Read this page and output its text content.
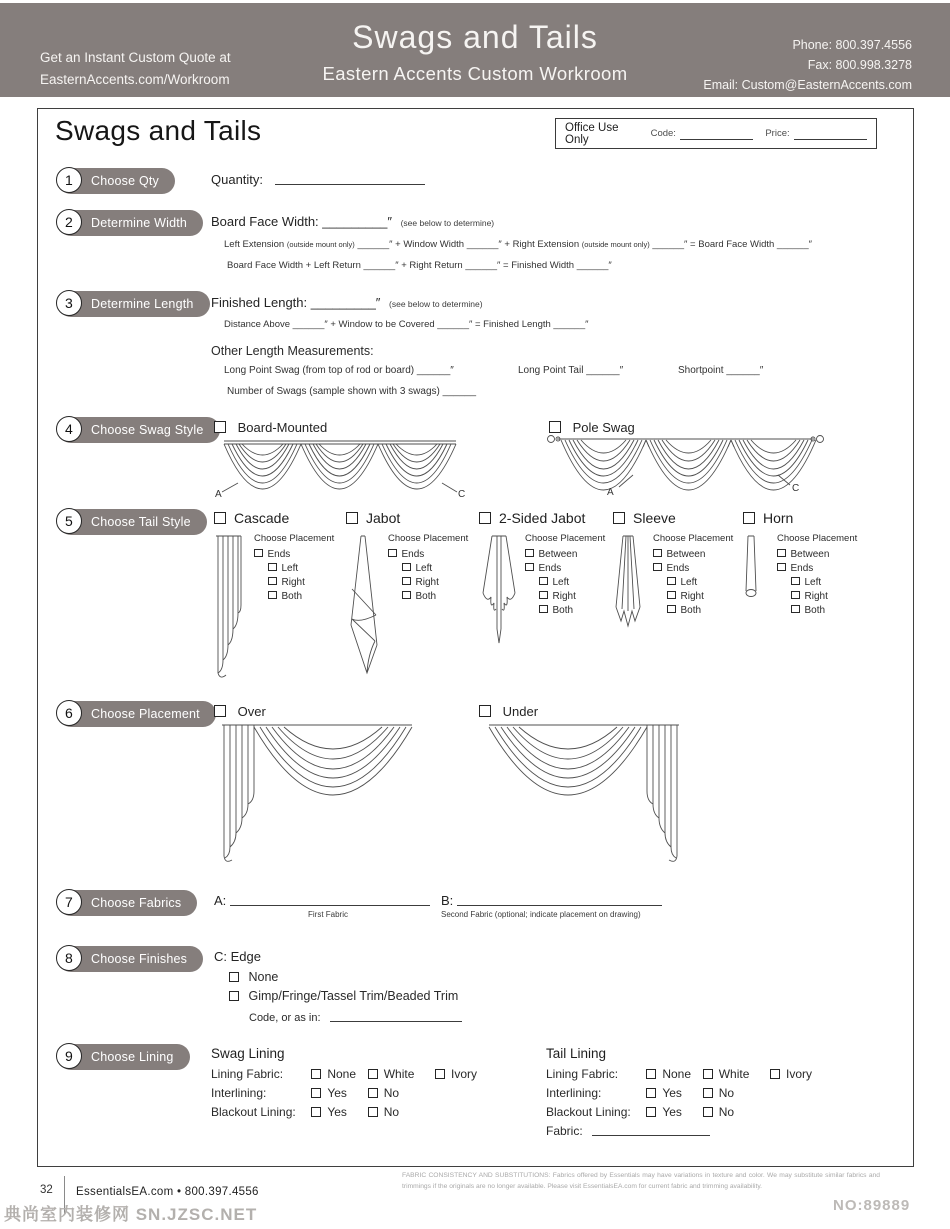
Get an Instant Custom Quote at
EasternAccents.com/Workroom
Swags and Tails
Eastern Accents Custom Workroom
Phone: 800.397.4556
Fax: 800.998.3278
Email: Custom@EasternAccents.com
Swags and Tails	Office Use Only	Code:	Price:
1	Choose Qty	Quantity:
2	Determine Width Board Face Width: _________″ (see below to determine)
Left Extension (outside mount only) ______″ + Window Width ______″ + Right Extension (outside mount only) ______″ = Board Face Width ______″
Board Face Width + Left Return ______″ + Right Return ______″ = Finished Width ______″
3	Determine Length Finished Length: _________″ (see below to determine)
Distance Above ______″ + Window to be Covered ______″ = Finished Length ______″
Other Length Measurements:
Long Point Swag (from top of rod or board) ______″	Long Point Tail ______″	Shortpoint ______″
Number of Swags (sample shown with 3 swags) ______
4	Choose Swag Style	Board-Mounted
A	C
Pole Swag
A	C
5	Choose Tail Style	Cascade
Choose Placement
Ends
Left
Right
Both
Jabot
Choose Placement
Ends
Left
Right
Both
2-Sided Jabot
Choose Placement
Between
Ends
Left
Right
Both
Sleeve
Choose Placement
Between
Ends
Left
Right
Both
Horn
Choose Placement
Between
Ends
Left
Right
Both
6	Choose Placement	Over	Under
7	Choose Fabrics	A:
First Fabric
B:
Second Fabric (optional; indicate placement on drawing)
8	Choose Finishes C: Edge
None
Gimp/Fringe/Tassel Trim/Beaded Trim
Code, or as in:
9	Choose Lining	Swag Lining
Lining Fabric:	None White	Ivory
Interlining:	Yes	No
Blackout Lining:	Yes	No
Tail Lining
Lining Fabric:	None White	Ivory
Interlining:	Yes	No
Blackout Lining:	Yes	No
Fabric:
32 EssentialsEA.com • 800.397.4556
FABRIC CONSISTENCY AND SUBSTITUTIONS: Fabrics offered by Essentials may have variations in texture and color. We may substitute similar fabrics and trimmings if the originals are no longer available. Please visit EssentialsEA.com for current fabric and trimming availability.
典尚室内装修网 SN.JZSC.NET	NO:89889
